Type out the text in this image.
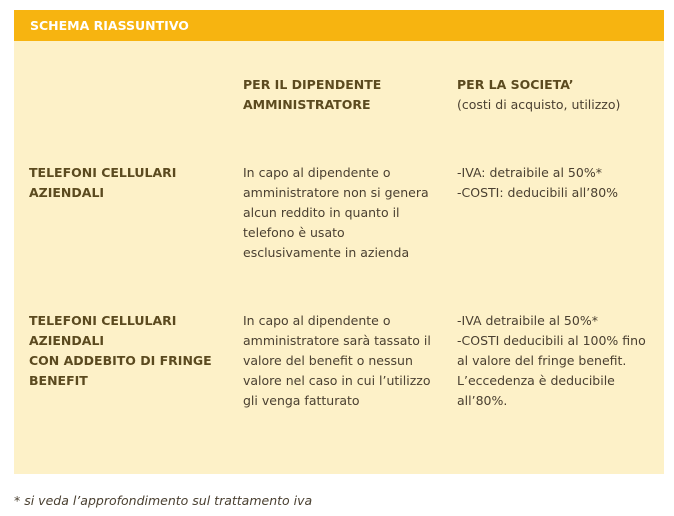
SCHEMA RIASSUNTIVO
PER IL DIPENDENTE
AMMINISTRATORE
PER LA SOCIETA’
(costi di acquisto, utilizzo)
TELEFONI CELLULARI
AZIENDALI
In capo al dipendente o
amministratore non si genera
alcun reddito in quanto il
telefono è usato
esclusivamente in azienda
-IVA: detraibile al 50%*
-COSTI: deducibili all’80%
TELEFONI CELLULARI
AZIENDALI
CON ADDEBITO DI FRINGE
BENEFIT
In capo al dipendente o
amministratore sarà tassato il
valore del benefit o nessun
valore nel caso in cui l’utilizzo
gli venga fatturato
-IVA detraibile al 50%*
-COSTI deducibili al 100% fino
al valore del fringe benefit.
L’eccedenza è deducibile
all’80%.
* si veda l’approfondimento sul trattamento iva
